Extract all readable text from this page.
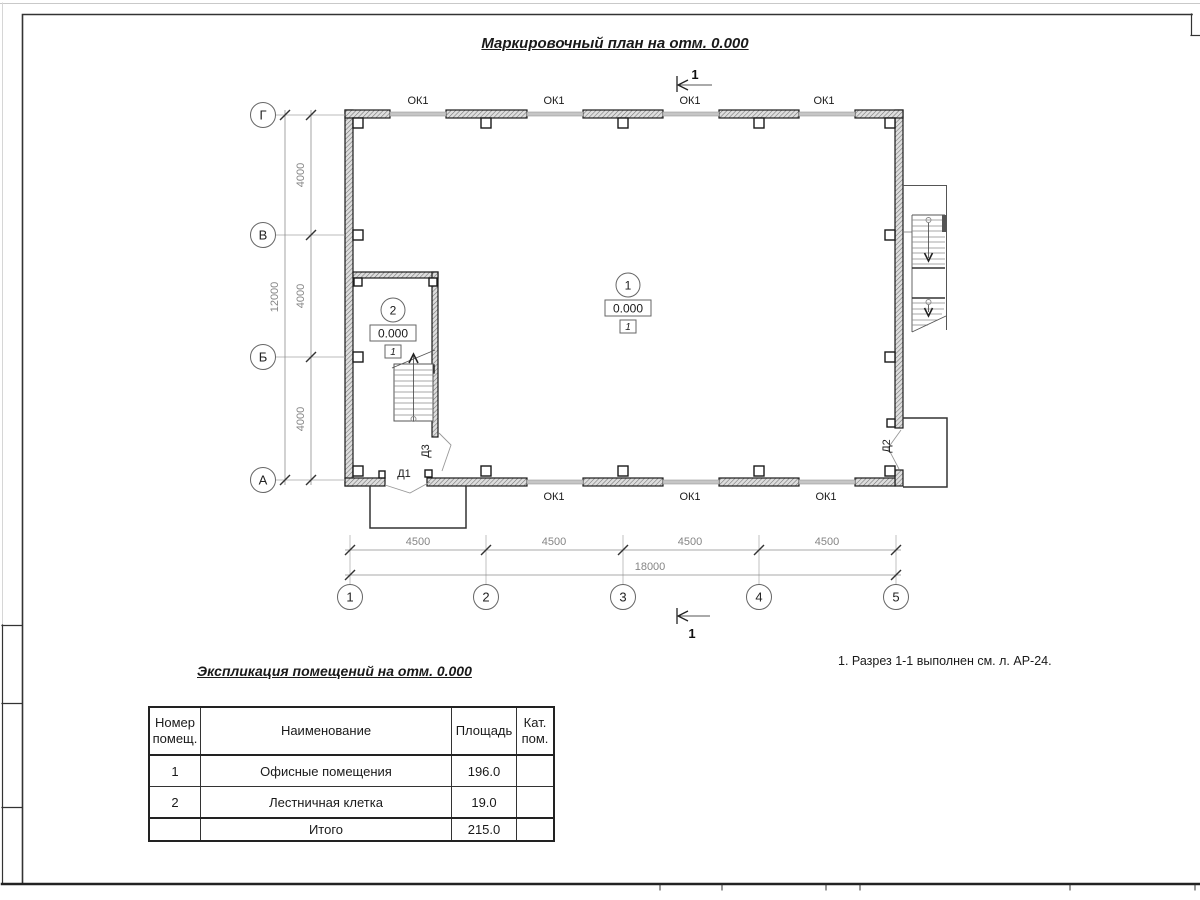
Г
В
Б
А
4000
4000
4000
12000
1	2	3	4	5
4500	4500	4500	4500
18000
1
1
ОК1	ОК1	ОК1	ОК1
ОК1	ОК1	ОК1
Д1
Д3	Д2
1
0.000
1
2
0.000
1
Маркировочный план на отм. 0.000
Экспликация помещений на отм. 0.000
1. Разрез 1-1 выполнен см. л. АР-24.
Номер помещ.	Наименование	Площадь	Кат. пом.
1	Офисные помещения	196.0	
2	Лестничная клетка	19.0	
	Итого	215.0	
